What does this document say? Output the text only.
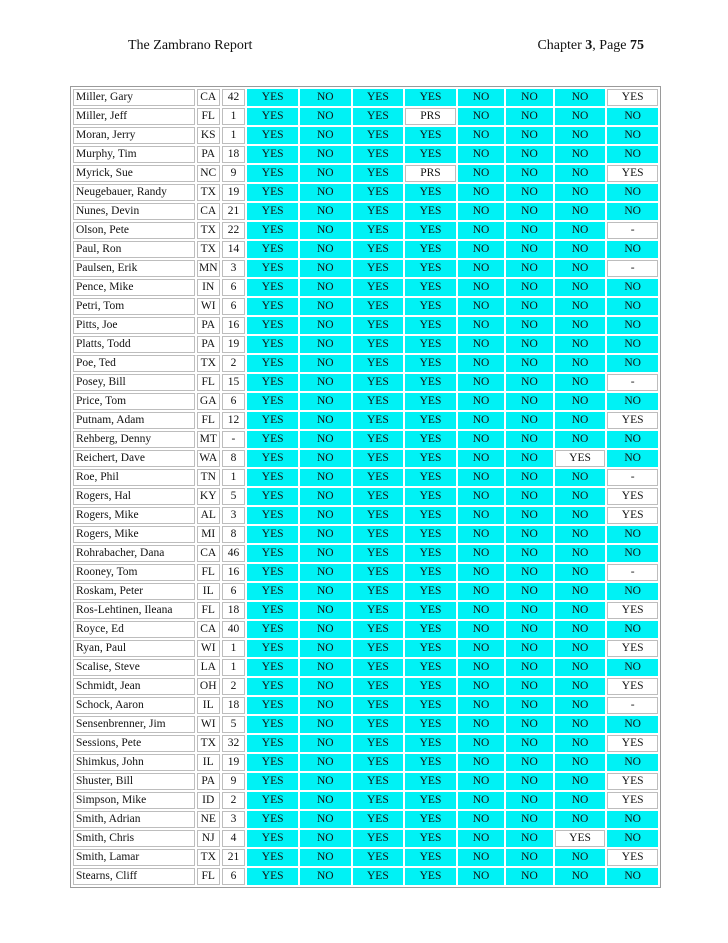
The Zambrano Report	Chapter 3, Page 75
Miller, Gary	CA	42	YES	NO	YES	YES	NO	NO	NO	YES
Miller, Jeff	FL	1	YES	NO	YES	PRS	NO	NO	NO	NO
Moran, Jerry	KS	1	YES	NO	YES	YES	NO	NO	NO	NO
Murphy, Tim	PA	18	YES	NO	YES	YES	NO	NO	NO	NO
Myrick, Sue	NC	9	YES	NO	YES	PRS	NO	NO	NO	YES
Neugebauer, Randy	TX	19	YES	NO	YES	YES	NO	NO	NO	NO
Nunes, Devin	CA	21	YES	NO	YES	YES	NO	NO	NO	NO
Olson, Pete	TX	22	YES	NO	YES	YES	NO	NO	NO	-
Paul, Ron	TX	14	YES	NO	YES	YES	NO	NO	NO	NO
Paulsen, Erik	MN	3	YES	NO	YES	YES	NO	NO	NO	-
Pence, Mike	IN	6	YES	NO	YES	YES	NO	NO	NO	NO
Petri, Tom	WI	6	YES	NO	YES	YES	NO	NO	NO	NO
Pitts, Joe	PA	16	YES	NO	YES	YES	NO	NO	NO	NO
Platts, Todd	PA	19	YES	NO	YES	YES	NO	NO	NO	NO
Poe, Ted	TX	2	YES	NO	YES	YES	NO	NO	NO	NO
Posey, Bill	FL	15	YES	NO	YES	YES	NO	NO	NO	-
Price, Tom	GA	6	YES	NO	YES	YES	NO	NO	NO	NO
Putnam, Adam	FL	12	YES	NO	YES	YES	NO	NO	NO	YES
Rehberg, Denny	MT	-	YES	NO	YES	YES	NO	NO	NO	NO
Reichert, Dave	WA	8	YES	NO	YES	YES	NO	NO	YES	NO
Roe, Phil	TN	1	YES	NO	YES	YES	NO	NO	NO	-
Rogers, Hal	KY	5	YES	NO	YES	YES	NO	NO	NO	YES
Rogers, Mike	AL	3	YES	NO	YES	YES	NO	NO	NO	YES
Rogers, Mike	MI	8	YES	NO	YES	YES	NO	NO	NO	NO
Rohrabacher, Dana	CA	46	YES	NO	YES	YES	NO	NO	NO	NO
Rooney, Tom	FL	16	YES	NO	YES	YES	NO	NO	NO	-
Roskam, Peter	IL	6	YES	NO	YES	YES	NO	NO	NO	NO
Ros-Lehtinen, Ileana	FL	18	YES	NO	YES	YES	NO	NO	NO	YES
Royce, Ed	CA	40	YES	NO	YES	YES	NO	NO	NO	NO
Ryan, Paul	WI	1	YES	NO	YES	YES	NO	NO	NO	YES
Scalise, Steve	LA	1	YES	NO	YES	YES	NO	NO	NO	NO
Schmidt, Jean	OH	2	YES	NO	YES	YES	NO	NO	NO	YES
Schock, Aaron	IL	18	YES	NO	YES	YES	NO	NO	NO	-
Sensenbrenner, Jim	WI	5	YES	NO	YES	YES	NO	NO	NO	NO
Sessions, Pete	TX	32	YES	NO	YES	YES	NO	NO	NO	YES
Shimkus, John	IL	19	YES	NO	YES	YES	NO	NO	NO	NO
Shuster, Bill	PA	9	YES	NO	YES	YES	NO	NO	NO	YES
Simpson, Mike	ID	2	YES	NO	YES	YES	NO	NO	NO	YES
Smith, Adrian	NE	3	YES	NO	YES	YES	NO	NO	NO	NO
Smith, Chris	NJ	4	YES	NO	YES	YES	NO	NO	YES	NO
Smith, Lamar	TX	21	YES	NO	YES	YES	NO	NO	NO	YES
Stearns, Cliff	FL	6	YES	NO	YES	YES	NO	NO	NO	NO
